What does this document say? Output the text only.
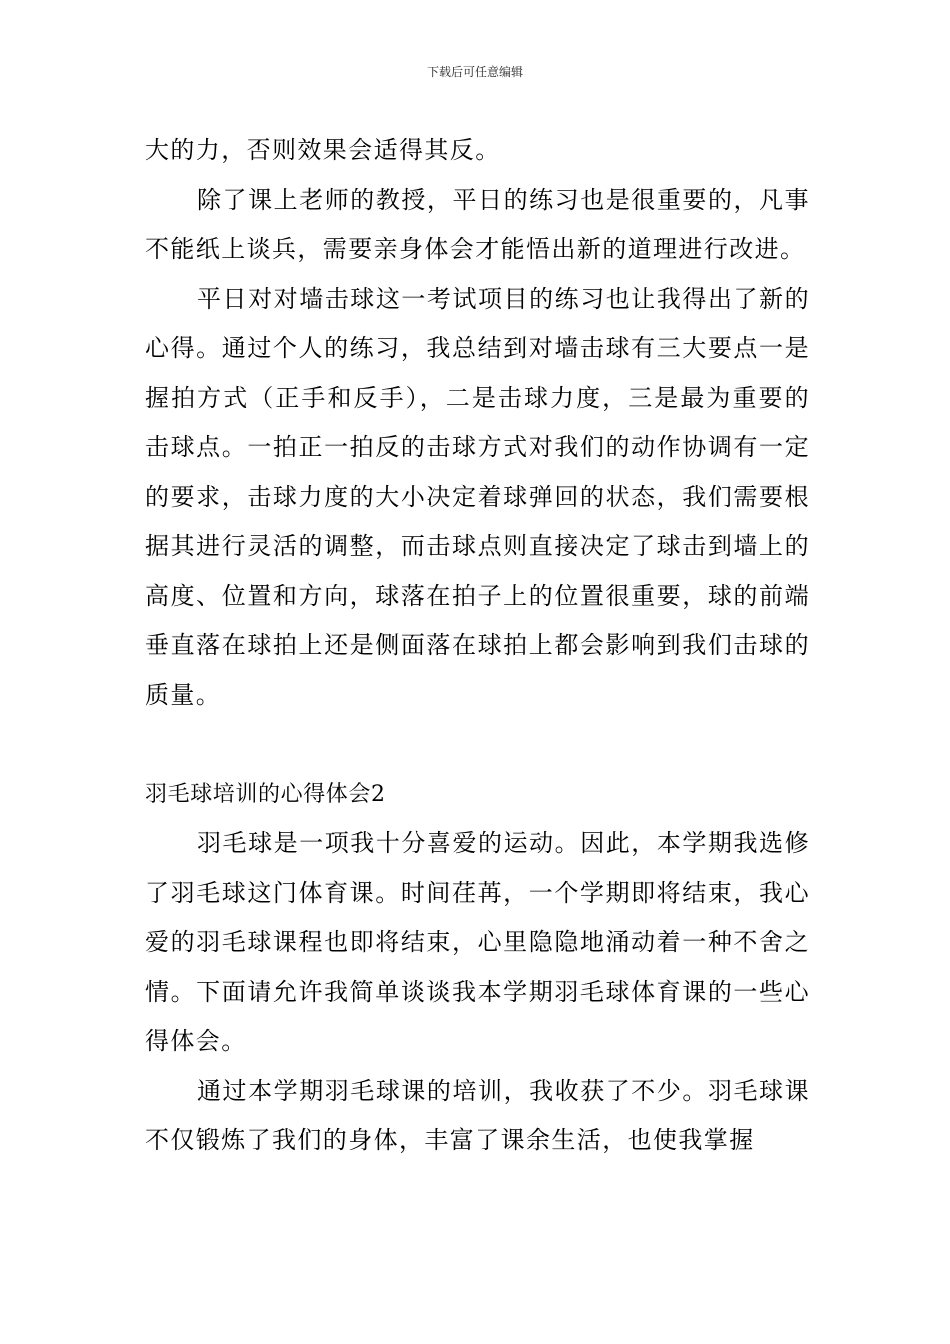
下载后可任意编辑

大的力，否则效果会适得其反。

除了课上老师的教授，平日的练习也是很重要的，凡事不能纸上谈兵，需要亲身体会才能悟出新的道理进行改进。

平日对对墙击球这一考试项目的练习也让我得出了新的心得。通过个人的练习，我总结到对墙击球有三大要点一是握拍方式（正手和反手），二是击球力度，三是最为重要的击球点。一拍正一拍反的击球方式对我们的动作协调有一定的要求，击球力度的大小决定着球弹回的状态，我们需要根据其进行灵活的调整，而击球点则直接决定了球击到墙上的高度、位置和方向，球落在拍子上的位置很重要，球的前端垂直落在球拍上还是侧面落在球拍上都会影响到我们击球的质量。

羽毛球培训的心得体会2

羽毛球是一项我十分喜爱的运动。因此，本学期我选修了羽毛球这门体育课。时间荏苒，一个学期即将结束，我心爱的羽毛球课程也即将结束，心里隐隐地涌动着一种不舍之情。下面请允许我简单谈谈我本学期羽毛球体育课的一些心得体会。

通过本学期羽毛球课的培训，我收获了不少。羽毛球课不仅锻炼了我们的身体，丰富了课余生活，也使我掌握
